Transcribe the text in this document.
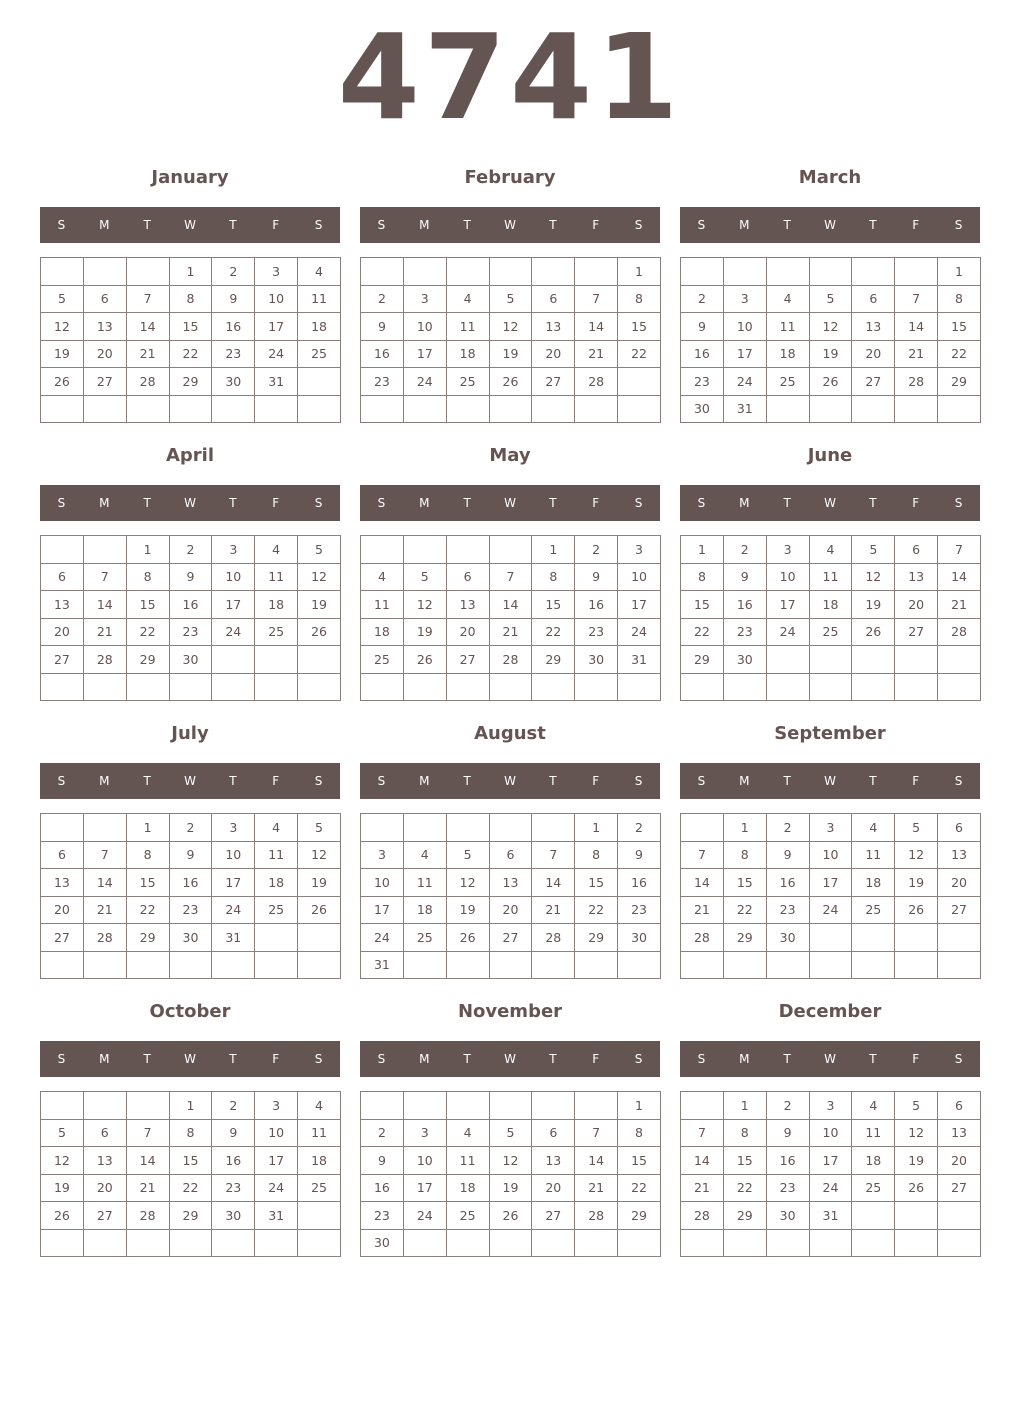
4741
January
S	M	T	W	T	F	S
			1	2	3	4
5	6	7	8	9	10	11
12	13	14	15	16	17	18
19	20	21	22	23	24	25
26	27	28	29	30	31	

February
S	M	T	W	T	F	S
						1
2	3	4	5	6	7	8
9	10	11	12	13	14	15
16	17	18	19	20	21	22
23	24	25	26	27	28	

March
S	M	T	W	T	F	S
						1
2	3	4	5	6	7	8
9	10	11	12	13	14	15
16	17	18	19	20	21	22
23	24	25	26	27	28	29
30	31					
April
S	M	T	W	T	F	S
		1	2	3	4	5
6	7	8	9	10	11	12
13	14	15	16	17	18	19
20	21	22	23	24	25	26
27	28	29	30			

May
S	M	T	W	T	F	S
				1	2	3
4	5	6	7	8	9	10
11	12	13	14	15	16	17
18	19	20	21	22	23	24
25	26	27	28	29	30	31

June
S	M	T	W	T	F	S
1	2	3	4	5	6	7
8	9	10	11	12	13	14
15	16	17	18	19	20	21
22	23	24	25	26	27	28
29	30					

July
S	M	T	W	T	F	S
		1	2	3	4	5
6	7	8	9	10	11	12
13	14	15	16	17	18	19
20	21	22	23	24	25	26
27	28	29	30	31		

August
S	M	T	W	T	F	S
					1	2
3	4	5	6	7	8	9
10	11	12	13	14	15	16
17	18	19	20	21	22	23
24	25	26	27	28	29	30
31						
September
S	M	T	W	T	F	S
	1	2	3	4	5	6
7	8	9	10	11	12	13
14	15	16	17	18	19	20
21	22	23	24	25	26	27
28	29	30				

October
S	M	T	W	T	F	S
			1	2	3	4
5	6	7	8	9	10	11
12	13	14	15	16	17	18
19	20	21	22	23	24	25
26	27	28	29	30	31	

November
S	M	T	W	T	F	S
						1
2	3	4	5	6	7	8
9	10	11	12	13	14	15
16	17	18	19	20	21	22
23	24	25	26	27	28	29
30						
December
S	M	T	W	T	F	S
	1	2	3	4	5	6
7	8	9	10	11	12	13
14	15	16	17	18	19	20
21	22	23	24	25	26	27
28	29	30	31			
